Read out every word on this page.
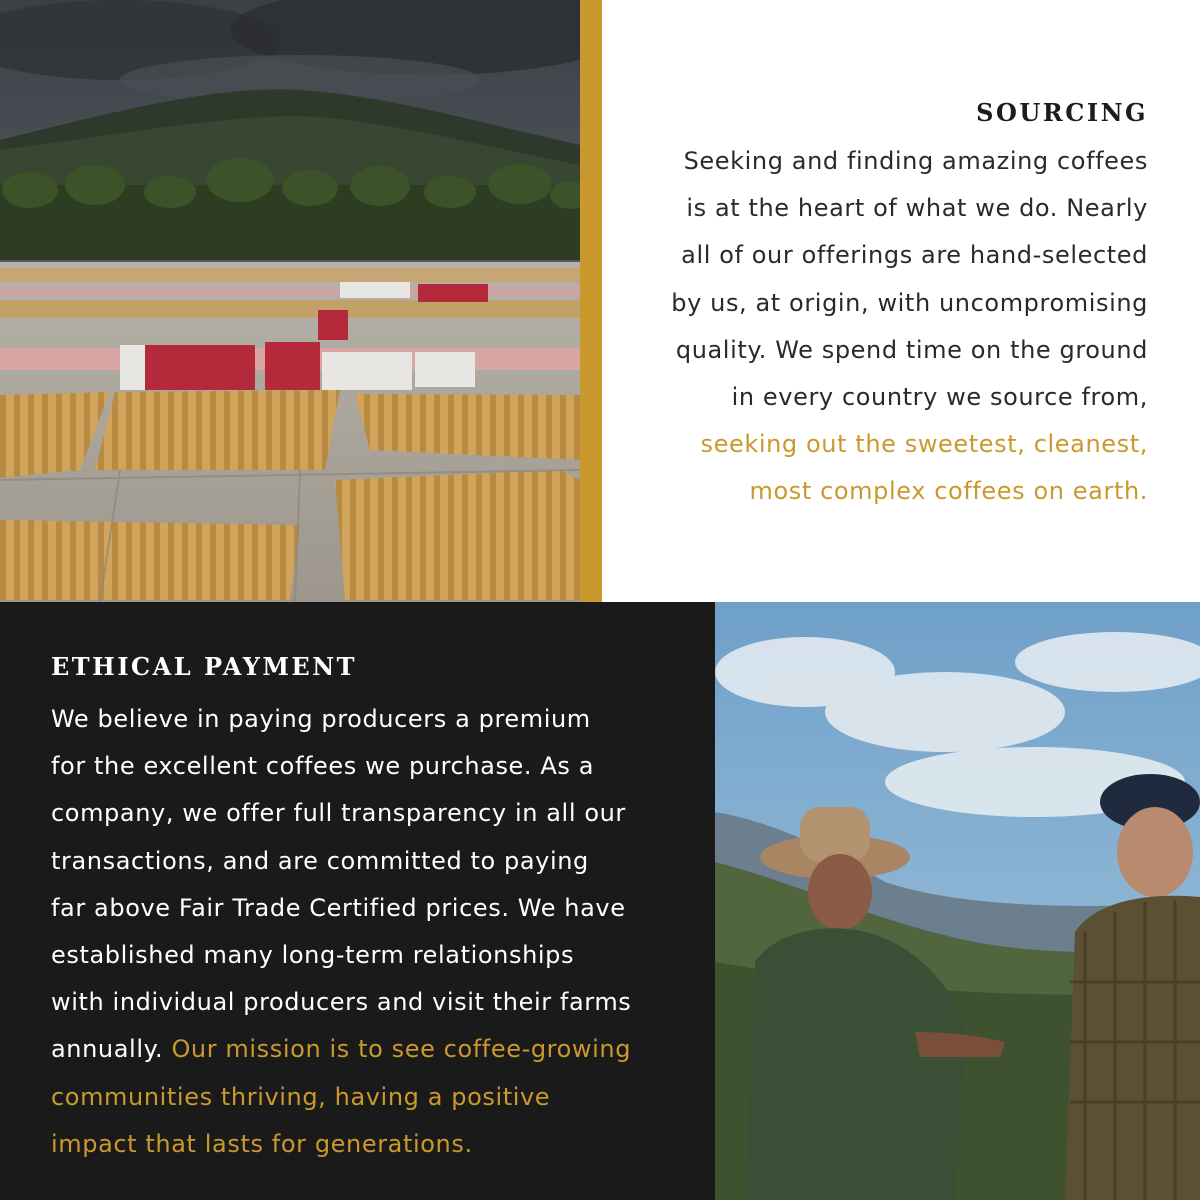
SOURCING
Seeking and finding amazing coffees
is at the heart of what we do. Nearly
all of our offerings are hand-selected
by us, at origin, with uncompromising
quality. We spend time on the ground
in every country we source from,
seeking out the sweetest, cleanest,
most complex coffees on earth.
ETHICAL PAYMENT
We believe in paying producers a premium
for the excellent coffees we purchase. As a
company, we offer full transparency in all our
transactions, and are committed to paying
far above Fair Trade Certified prices. We have
established many long-term relationships
with individual producers and visit their farms
annually. Our mission is to see coffee-growing
communities thriving, having a positive
impact that lasts for generations.
